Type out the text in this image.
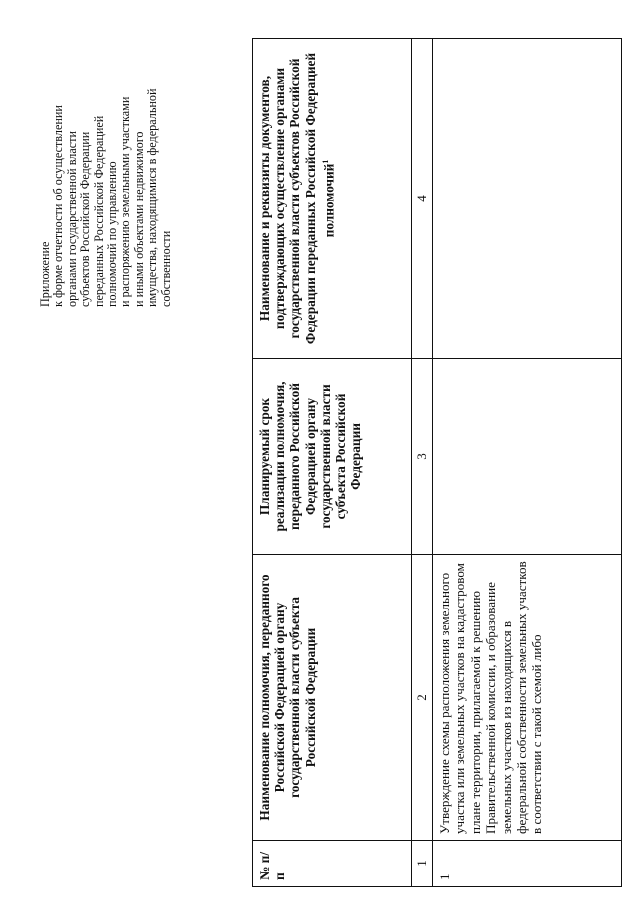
Приложение к форме отчетности об осуществлении органами государственной власти субъектов Российской Федерации переданных Российской Федерацией полномочий по управлению и распоряжению земельными участками и иными объектами недвижимого имущества, находящимися в федеральной собственности
№ п/п	Наименование полномочия, переданного Российской Федерацией органу государственной власти субъекта Российской Федерации	Планируемый срок реализации полномочия, переданного Российской Федерацией органу государственной власти субъекта Российской Федерации	Наименование и реквизиты документов, подтверждающих осуществление органами государственной власти субъектов Российской Федерации переданных Российской Федерацией полномочий$^1$
1	2	3	4
1	Утверждение схемы расположения земельного участка или земельных участков на кадастровом плане территории, прилагаемой к решению Правительственной комиссии, и образование земельных участков из находящихся в федеральной собственности земельных участков в соответствии с такой схемой либо		
